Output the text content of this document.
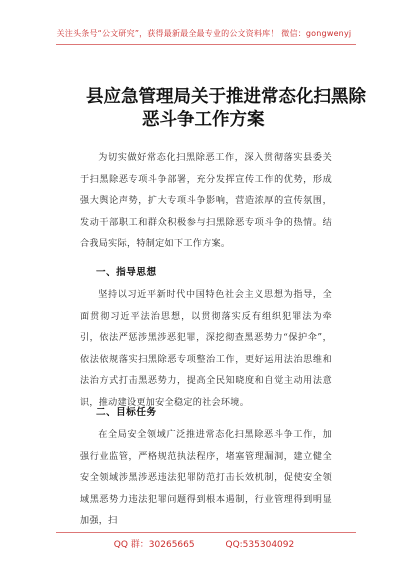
关注头条号“公文研究”，获得最新最全最专业的公文资料库！ 微信：gongwenyj
县应急管理局关于推进常态化扫黑除
恶斗争工作方案
为切实做好常态化扫黑除恶工作，深入贯彻落实县委关于扫黑除恶专项斗争部署，充分发挥宣传工作的优势，形成强大舆论声势，扩大专项斗争影响，营造浓厚的宣传氛围，发动干部职工和群众积极参与扫黑除恶专项斗争的热情。结合我局实际，特制定如下工作方案。
一、指导思想
坚持以习近平新时代中国特色社会主义思想为指导，全面贯彻习近平法治思想，以贯彻落实反有组织犯罪法为牵引，依法严惩涉黑涉恶犯罪，深挖彻查黑恶势力“保护伞”，依法依规落实扫黑除恶专项整治工作，更好运用法治思维和法治方式打击黑恶势力，提高全民知晓度和自觉主动用法意识，推动建设更加安全稳定的社会环境。
二、目标任务
在全局安全领域广泛推进常态化扫黑除恶斗争工作，加强行业监管，严格规范执法程序，堵塞管理漏洞，建立健全安全领域涉黑涉恶违法犯罪防范打击长效机制，促使安全领域黑恶势力违法犯罪问题得到根本遏制，行业管理得到明显加强，扫
QQ 群：30265665	QQ:535304092
